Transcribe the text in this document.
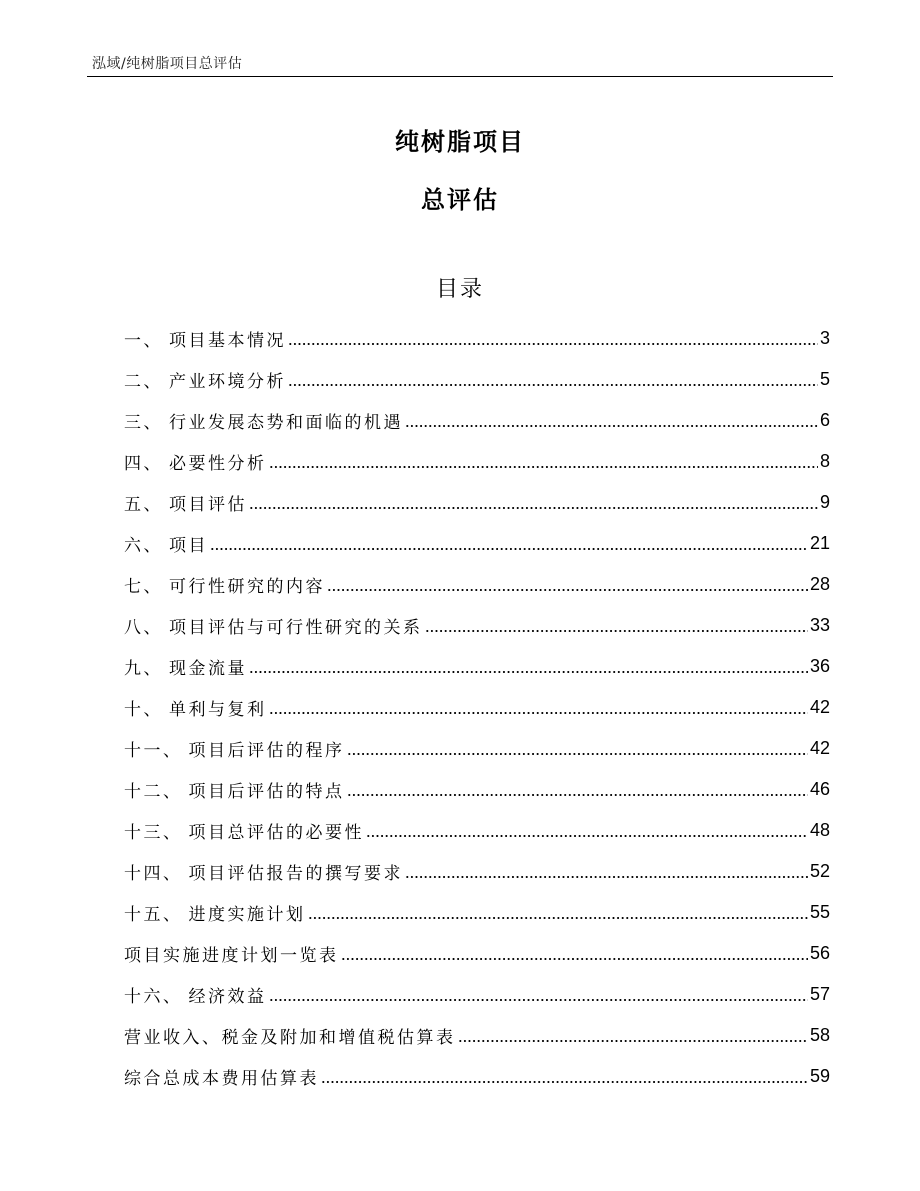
泓域/纯树脂项目总评估
纯树脂项目
总评估
目录
一、 项目基本情况	3
二、 产业环境分析	5
三、 行业发展态势和面临的机遇	6
四、 必要性分析	8
五、 项目评估	9
六、 项目	21
七、 可行性研究的内容	28
八、 项目评估与可行性研究的关系	33
九、 现金流量	36
十、 单利与复利	42
十一、 项目后评估的程序	42
十二、 项目后评估的特点	46
十三、 项目总评估的必要性	48
十四、 项目评估报告的撰写要求	52
十五、 进度实施计划	55
项目实施进度计划一览表	56
十六、 经济效益	57
营业收入、税金及附加和增值税估算表	58
综合总成本费用估算表	59
